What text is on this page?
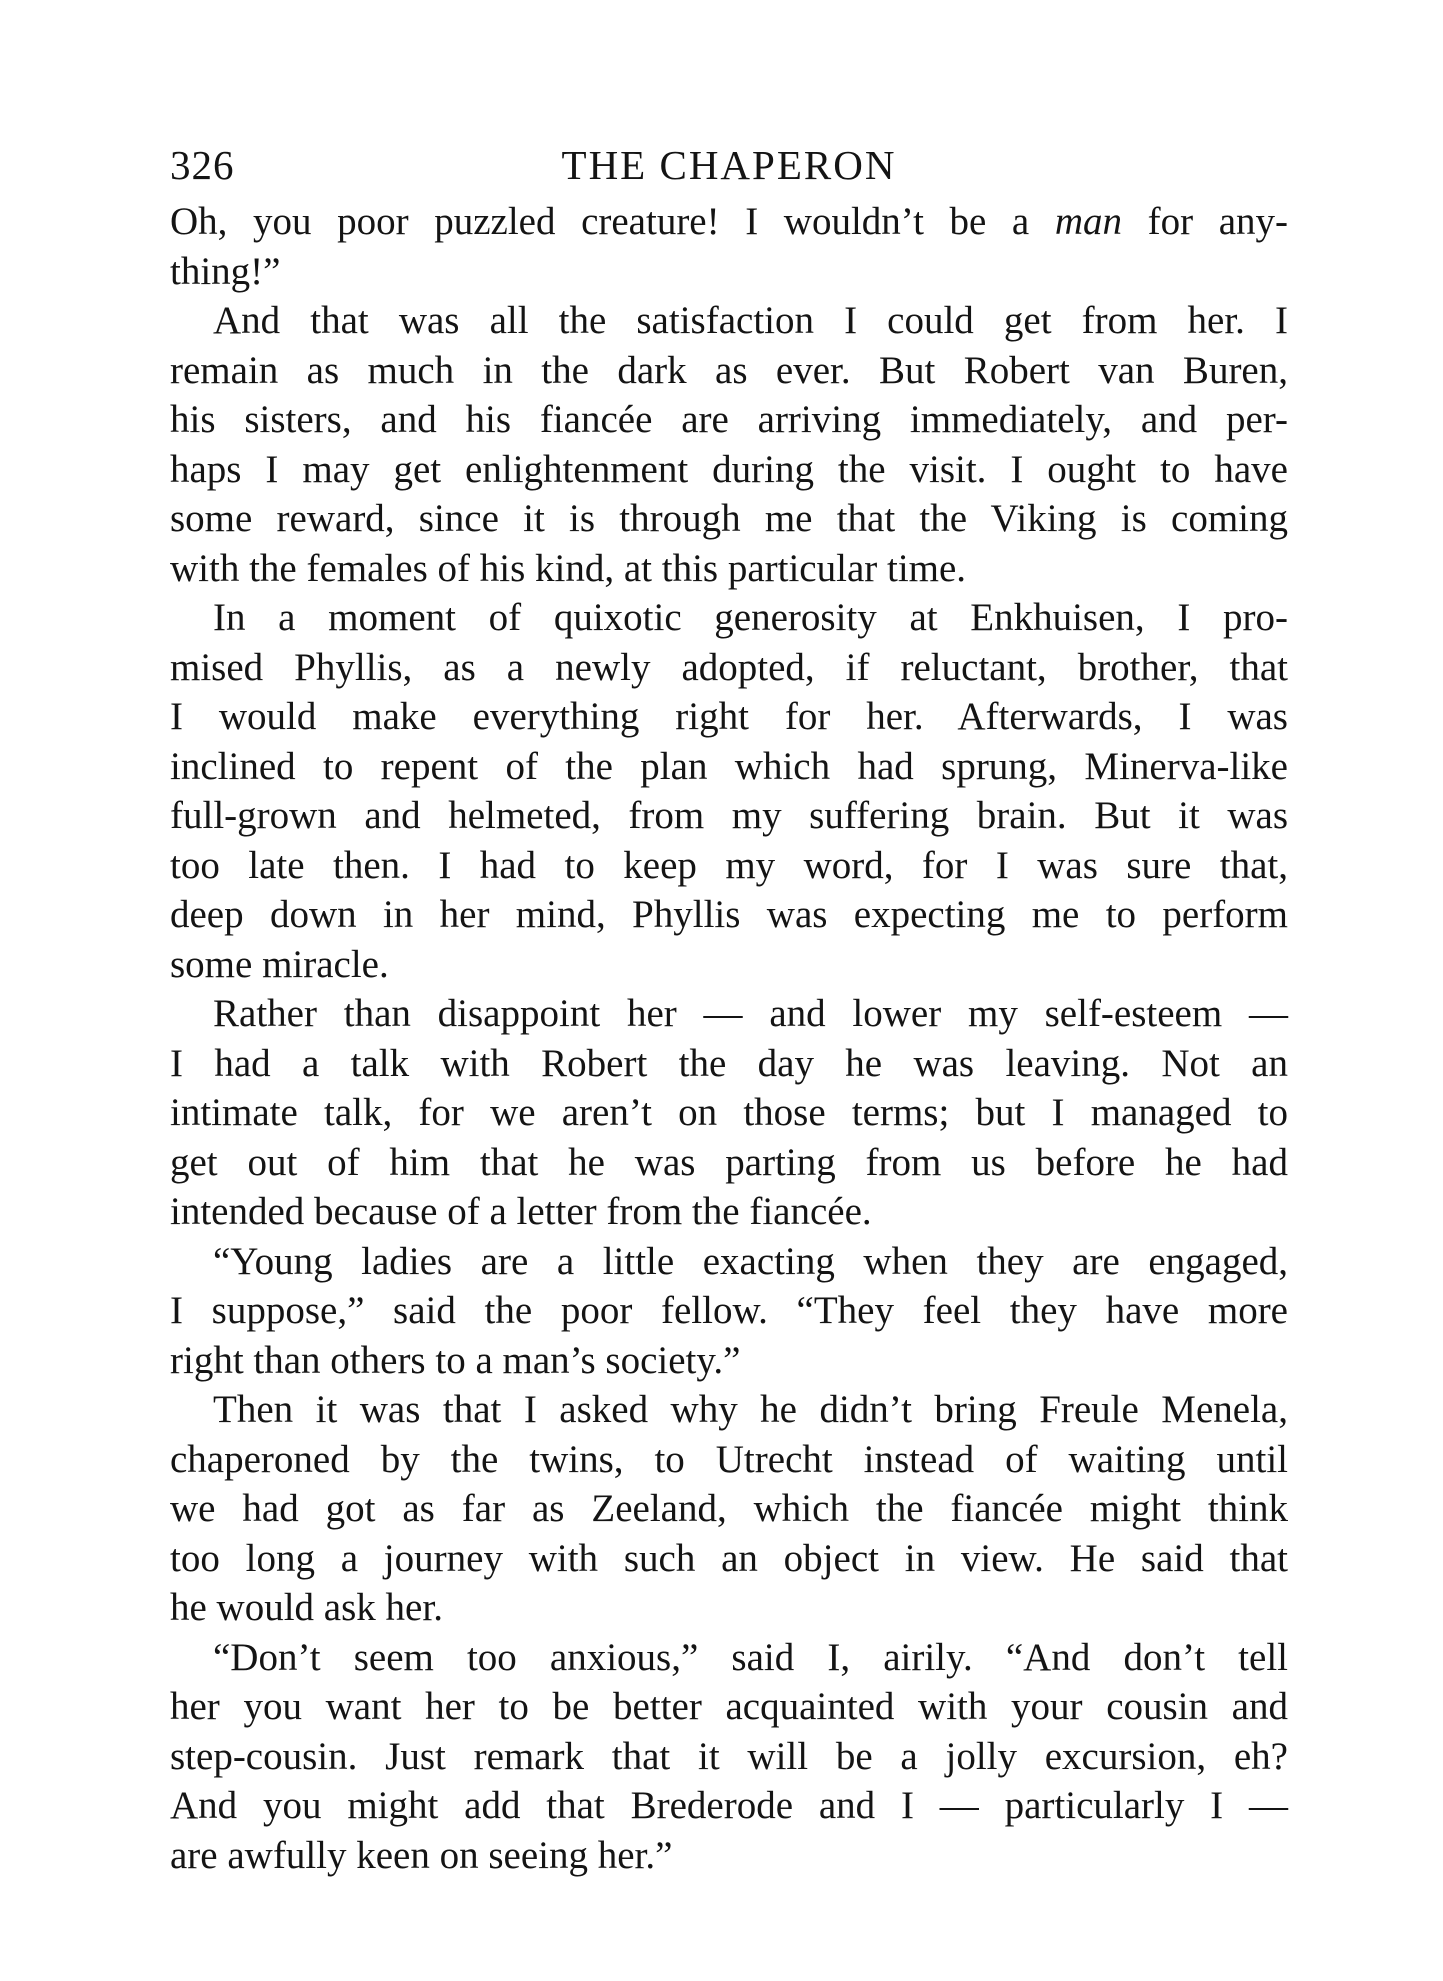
326	THE CHAPERON

Oh, you poor puzzled creature! I wouldn’t be a man for any-
thing!”

And that was all the satisfaction I could get from her. I
remain as much in the dark as ever. But Robert van Buren,
his sisters, and his fiancée are arriving immediately, and per-
haps I may get enlightenment during the visit. I ought to have
some reward, since it is through me that the Viking is coming
with the females of his kind, at this particular time.

In a moment of quixotic generosity at Enkhuisen, I pro-
mised Phyllis, as a newly adopted, if reluctant, brother, that
I would make everything right for her. Afterwards, I was
inclined to repent of the plan which had sprung, Minerva-like
full-grown and helmeted, from my suffering brain. But it was
too late then. I had to keep my word, for I was sure that,
deep down in her mind, Phyllis was expecting me to perform
some miracle.

Rather than disappoint her — and lower my self-esteem —
I had a talk with Robert the day he was leaving. Not an
intimate talk, for we aren’t on those terms; but I managed to
get out of him that he was parting from us before he had
intended because of a letter from the fiancée.

“Young ladies are a little exacting when they are engaged,
I suppose,” said the poor fellow. “They feel they have more
right than others to a man’s society.”

Then it was that I asked why he didn’t bring Freule Menela,
chaperoned by the twins, to Utrecht instead of waiting until
we had got as far as Zeeland, which the fiancée might think
too long a journey with such an object in view. He said that
he would ask her.

“Don’t seem too anxious,” said I, airily. “And don’t tell
her you want her to be better acquainted with your cousin and
step-cousin. Just remark that it will be a jolly excursion, eh?
And you might add that Brederode and I — particularly I —
are awfully keen on seeing her.”
